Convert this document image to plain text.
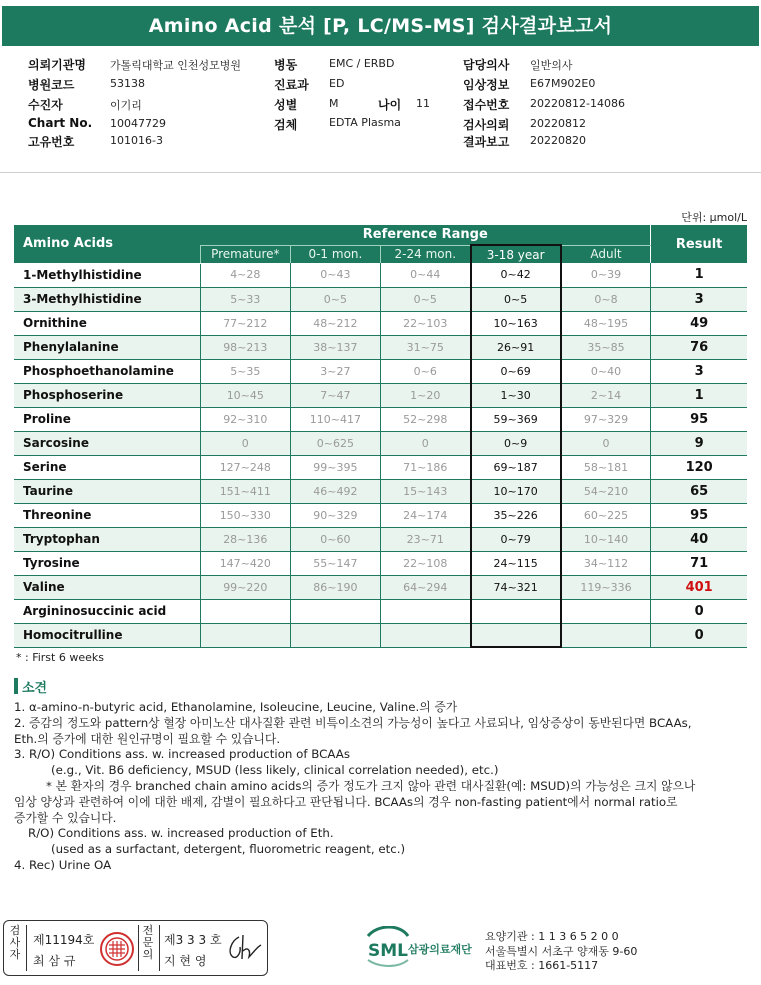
Amino Acid 분석 [P, LC/MS-MS] 검사결과보고서
의뢰기관명 가톨릭대학교 인천성모병원
병원코드	53138
수진자	이기리
Chart No. 10047729
고유번호	101016-3
병동	EMC / ERBD
진료과 ED
성별	M	나이 11
검체	EDTA Plasma
담당의사 일반의사
임상정보 E67M902E0
접수번호 20220812-14086
검사의뢰 20220812
결과보고 20220820
단위: μmol/L
Amino Acids	Reference Range					Result
	Premature*	0-1 mon.	2-24 mon.	3-18 year	Adult	
1-Methylhistidine	4~28	0~43	0~44	0~42	0~39	1
3-Methylhistidine	5~33	0~5	0~5	0~5	0~8	3
Ornithine	77~212	48~212	22~103	10~163	48~195	49
Phenylalanine	98~213	38~137	31~75	26~91	35~85	76
Phosphoethanolamine	5~35	3~27	0~6	0~69	0~40	3
Phosphoserine	10~45	7~47	1~20	1~30	2~14	1
Proline	92~310	110~417	52~298	59~369	97~329	95
Sarcosine	0	0~625	0	0~9	0	9
Serine	127~248	99~395	71~186	69~187	58~181	120
Taurine	151~411	46~492	15~143	10~170	54~210	65
Threonine	150~330	90~329	24~174	35~226	60~225	95
Tryptophan	28~136	0~60	23~71	0~79	10~140	40
Tyrosine	147~420	55~147	22~108	24~115	34~112	71
Valine	99~220	86~190	64~294	74~321	119~336	401
Argininosuccinic acid						0
Homocitrulline						0
* : First 6 weeks
소견
1. α-amino-n-butyric acid, Ethanolamine, Isoleucine, Leucine, Valine.의 증가
2. 증감의 정도와 pattern상 혈장 아미노산 대사질환 관련 비특이소견의 가능성이 높다고 사료되나, 임상증상이 동반된다면 BCAAs,
Eth.의 증가에 대한 원인규명이 필요할 수 있습니다.
3. R/O) Conditions ass. w. increased production of BCAAs
(e.g., Vit. B6 deficiency, MSUD (less likely, clinical correlation needed), etc.)
* 본 환자의 경우 branched chain amino acids의 증가 정도가 크지 않아 관련 대사질환(예: MSUD)의 가능성은 크지 않으나
임상 양상과 관련하여 이에 대한 배제, 감별이 필요하다고 판단됩니다. BCAAs의 경우 non-fasting patient에서 normal ratio로
증가할 수 있습니다.
R/O) Conditions ass. w. increased production of Eth.
(used as a surfactant, detergent, fluorometric reagent, etc.)
4. Rec) Urine OA
검사자
제11194호
최 삼 규
전문의
제3 3 3 호
지 현 영	SML 삼광의료재단
요양기관 : 1 1 3 6 5 2 0 0
서울특별시 서초구 양재동 9-60
대표번호 : 1661-5117
